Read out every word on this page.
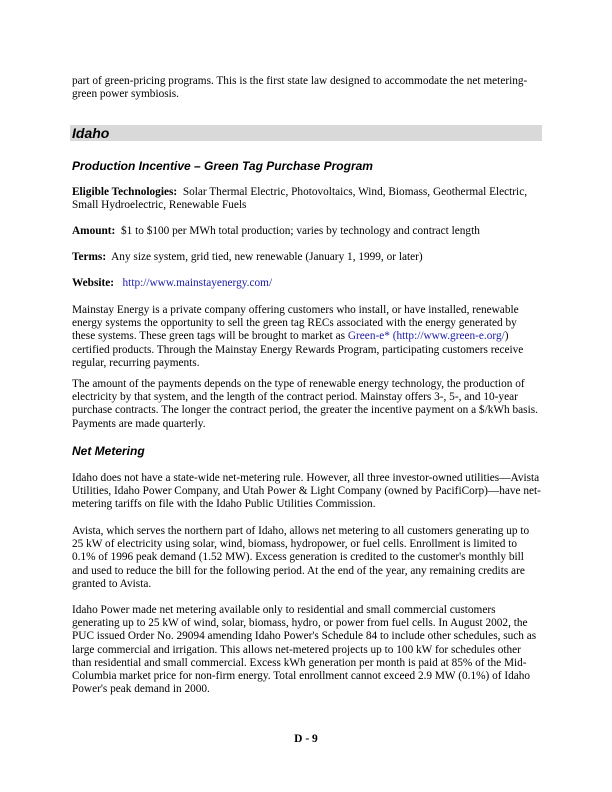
part of green-pricing programs. This is the first state law designed to accommodate the net metering-green power symbiosis.

Idaho
Production Incentive – Green Tag Purchase Program

Eligible Technologies: Solar Thermal Electric, Photovoltaics, Wind, Biomass, Geothermal Electric, Small Hydroelectric, Renewable Fuels

Amount: $1 to $100 per MWh total production; varies by technology and contract length

Terms: Any size system, grid tied, new renewable (January 1, 1999, or later)

Website: http://www.mainstayenergy.com/

Mainstay Energy is a private company offering customers who install, or have installed, renewable energy systems the opportunity to sell the green tag RECs associated with the energy generated by these systems. These green tags will be brought to market as Green-e* (http://www.green-e.org/) certified products. Through the Mainstay Energy Rewards Program, participating customers receive regular, recurring payments.

The amount of the payments depends on the type of renewable energy technology, the production of electricity by that system, and the length of the contract period. Mainstay offers 3-, 5-, and 10-year purchase contracts. The longer the contract period, the greater the incentive payment on a $/kWh basis. Payments are made quarterly.

Net Metering

Idaho does not have a state-wide net-metering rule. However, all three investor-owned utilities—Avista Utilities, Idaho Power Company, and Utah Power & Light Company (owned by PacifiCorp)—have net-metering tariffs on file with the Idaho Public Utilities Commission.

Avista, which serves the northern part of Idaho, allows net metering to all customers generating up to 25 kW of electricity using solar, wind, biomass, hydropower, or fuel cells. Enrollment is limited to 0.1% of 1996 peak demand (1.52 MW). Excess generation is credited to the customer's monthly bill and used to reduce the bill for the following period. At the end of the year, any remaining credits are granted to Avista.

Idaho Power made net metering available only to residential and small commercial customers generating up to 25 kW of wind, solar, biomass, hydro, or power from fuel cells. In August 2002, the PUC issued Order No. 29094 amending Idaho Power's Schedule 84 to include other schedules, such as large commercial and irrigation. This allows net-metered projects up to 100 kW for schedules other than residential and small commercial. Excess kWh generation per month is paid at 85% of the Mid-Columbia market price for non-firm energy. Total enrollment cannot exceed 2.9 MW (0.1%) of Idaho Power's peak demand in 2000.

D - 9
